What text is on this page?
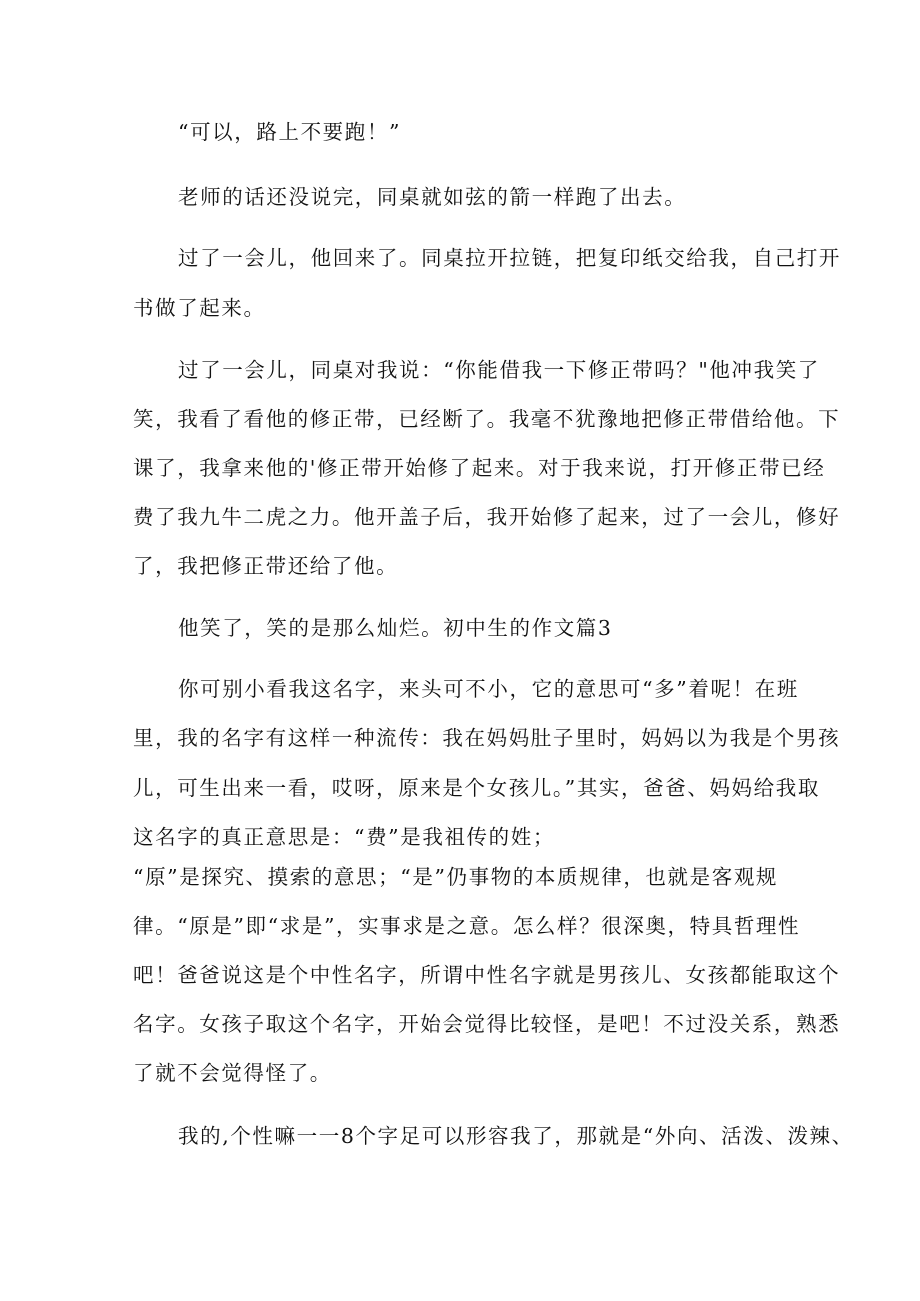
“可以，路上不要跑！”
老师的话还没说完，同桌就如弦的箭一样跑了出去。
过了一会儿，他回来了。同桌拉开拉链，把复印纸交给我，自己打开
书做了起来。
过了一会儿，同桌对我说：“你能借我一下修正带吗？"他冲我笑了
笑，我看了看他的修正带，已经断了。我毫不犹豫地把修正带借给他。下
课了，我拿来他的'修正带开始修了起来。对于我来说，打开修正带已经
费了我九牛二虎之力。他开盖子后，我开始修了起来，过了一会儿，修好
了，我把修正带还给了他。
他笑了，笑的是那么灿烂。初中生的作文篇3
你可别小看我这名字，来头可不小，它的意思可“多”着呢！在班
里，我的名字有这样一种流传：我在妈妈肚子里时，妈妈以为我是个男孩
儿，可生出来一看，哎呀，原来是个女孩儿。”其实，爸爸、妈妈给我取
这名字的真正意思是：“费”是我祖传的姓；
“原”是探究、摸索的意思；“是”仍事物的本质规律，也就是客观规
律。“原是”即“求是”，实事求是之意。怎么样？很深奥，特具哲理性
吧！爸爸说这是个中性名字，所谓中性名字就是男孩儿、女孩都能取这个
名字。女孩子取这个名字，开始会觉得比较怪，是吧！不过没关系，熟悉
了就不会觉得怪了。
我的,个性嘛一一8个字足可以形容我了，那就是“外向、活泼、泼辣、
